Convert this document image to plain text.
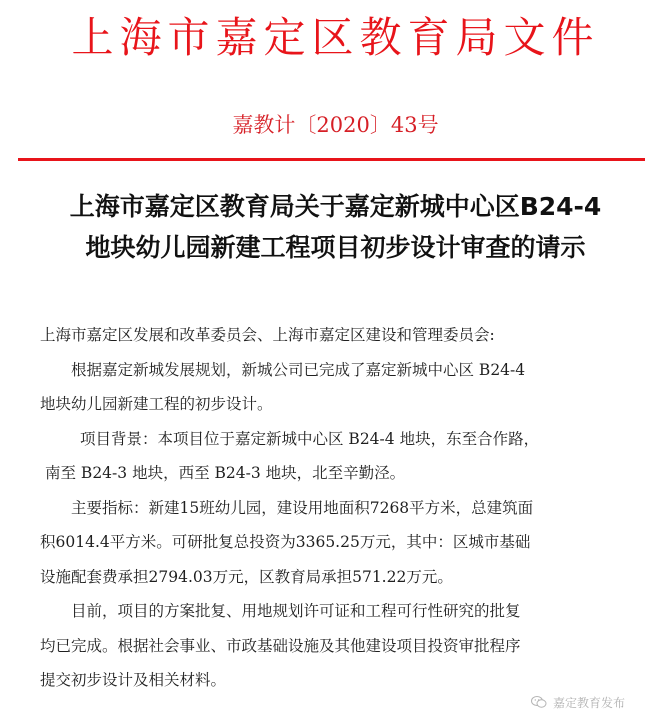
上海市嘉定区教育局文件
嘉教计〔2020〕43号
上海市嘉定区教育局关于嘉定新城中心区B24-4
地块幼儿园新建工程项目初步设计审查的请示
上海市嘉定区发展和改革委员会、上海市嘉定区建设和管理委员会:
根据嘉定新城发展规划，新城公司已完成了嘉定新城中心区 B24-4
地块幼儿园新建工程的初步设计。
项目背景：本项目位于嘉定新城中心区 B24-4 地块，东至合作路，
南至 B24-3 地块，西至 B24-3 地块，北至辛勤泾。
主要指标：新建15班幼儿园，建设用地面积7268平方米，总建筑面
积6014.4平方米。可研批复总投资为3365.25万元，其中：区城市基础
设施配套费承担2794.03万元，区教育局承担571.22万元。
目前，项目的方案批复、用地规划许可证和工程可行性研究的批复
均已完成。根据社会事业、市政基础设施及其他建设项目投资审批程序
提交初步设计及相关材料。
嘉定教育发布
